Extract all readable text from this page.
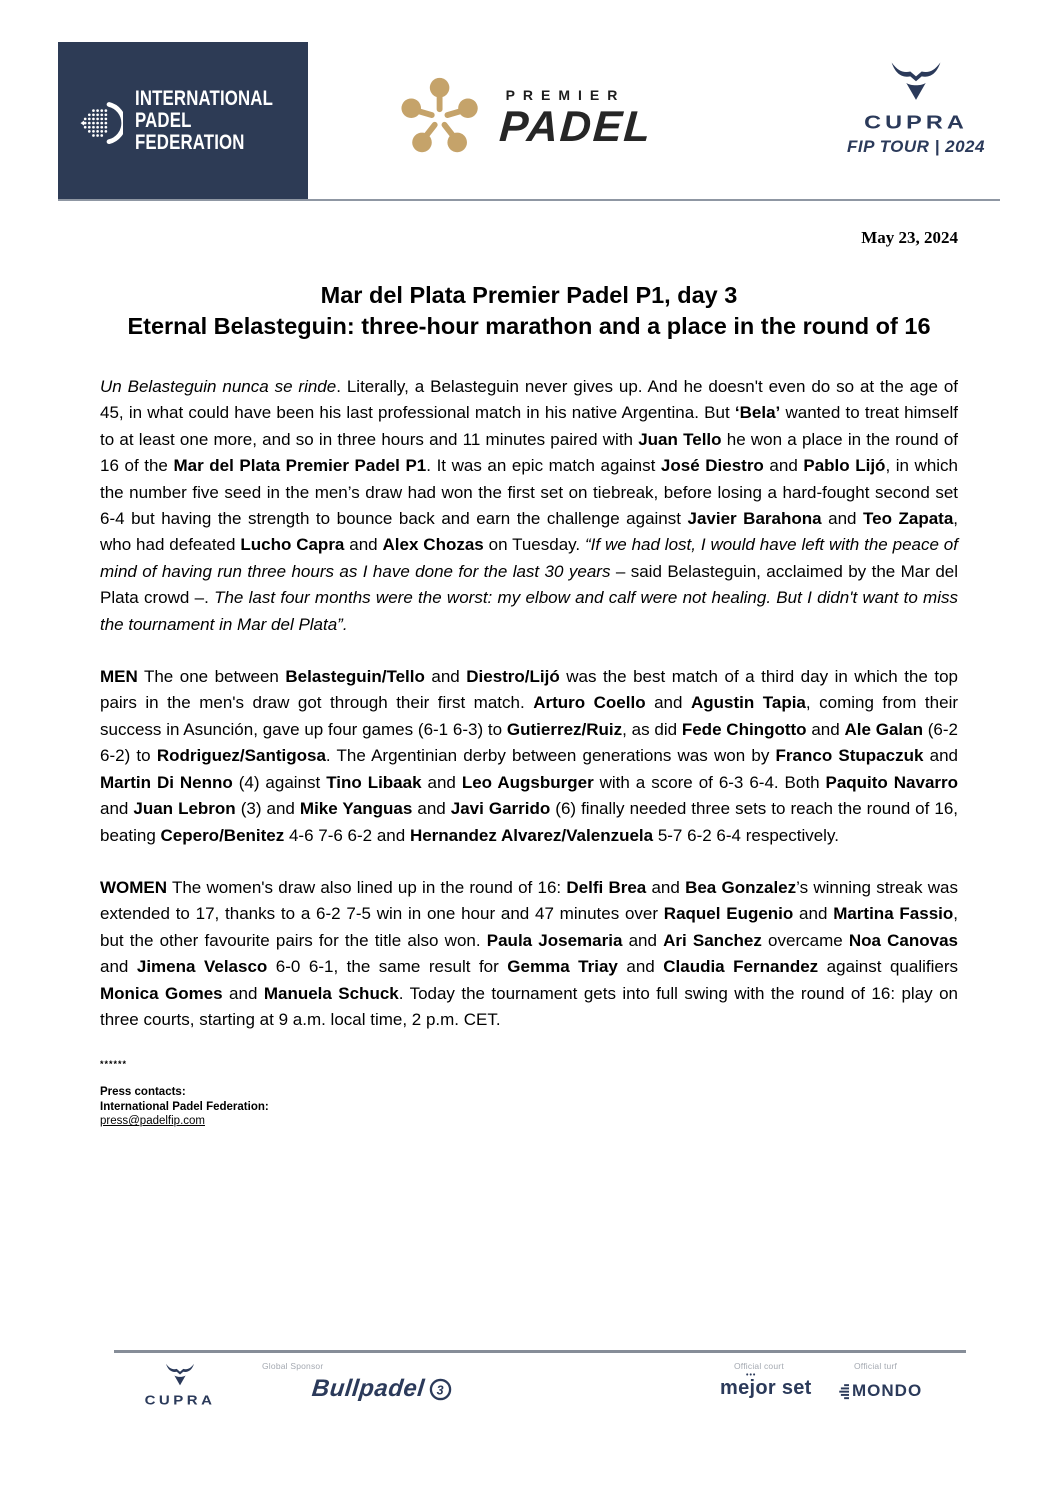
INTERNATIONAL
PADEL
FEDERATION
PREMIER
PADEL	CUPRA
FIP TOUR | 2024
May 23, 2024
Mar del Plata Premier Padel P1, day 3
Eternal Belasteguin: three-hour marathon and a place in the round of 16

Un Belasteguin nunca se rinde. Literally, a Belasteguin never gives up. And he doesn't even do so at the age of 45, in what could have been his last professional match in his native Argentina. But ‘Bela’ wanted to treat himself to at least one more, and so in three hours and 11 minutes paired with Juan Tello he won a place in the round of 16 of the Mar del Plata Premier Padel P1. It was an epic match against José Diestro and Pablo Lijó, in which the number five seed in the men’s draw had won the first set on tiebreak, before losing a hard-fought second set 6-4 but having the strength to bounce back and earn the challenge against Javier Barahona and Teo Zapata, who had defeated Lucho Capra and Alex Chozas on Tuesday. “If we had lost, I would have left with the peace of mind of having run three hours as I have done for the last 30 years – said Belasteguin, acclaimed by the Mar del Plata crowd –. The last four months were the worst: my elbow and calf were not healing. But I didn't want to miss the tournament in Mar del Plata”.

MEN The one between Belasteguin/Tello and Diestro/Lijó was the best match of a third day in which the top pairs in the men's draw got through their first match. Arturo Coello and Agustin Tapia, coming from their success in Asunción, gave up four games (6-1 6-3) to Gutierrez/Ruiz, as did Fede Chingotto and Ale Galan (6-2 6-2) to Rodriguez/Santigosa. The Argentinian derby between generations was won by Franco Stupaczuk and Martin Di Nenno (4) against Tino Libaak and Leo Augsburger with a score of 6-3 6-4. Both Paquito Navarro and Juan Lebron (3) and Mike Yanguas and Javi Garrido (6) finally needed three sets to reach the round of 16, beating Cepero/Benitez 4-6 7-6 6-2 and Hernandez Alvarez/Valenzuela 5-7 6-2 6-4 respectively.

WOMEN The women's draw also lined up in the round of 16: Delfi Brea and Bea Gonzalez’s winning streak was extended to 17, thanks to a 6-2 7-5 win in one hour and 47 minutes over Raquel Eugenio and Martina Fassio, but the other favourite pairs for the title also won. Paula Josemaria and Ari Sanchez overcame Noa Canovas and Jimena Velasco 6-0 6-1, the same result for Gemma Triay and Claudia Fernandez against qualifiers Monica Gomes and Manuela Schuck. Today the tournament gets into full swing with the round of 16: play on three courts, starting at 9 a.m. local time, 2 p.m. CET.

******
Press contacts:
International Padel Federation:
press@padelfip.com
CUPRA
Global Sponsor
Bullpadel 3
Official court
•••
mejor set
Official turf
MONDO
